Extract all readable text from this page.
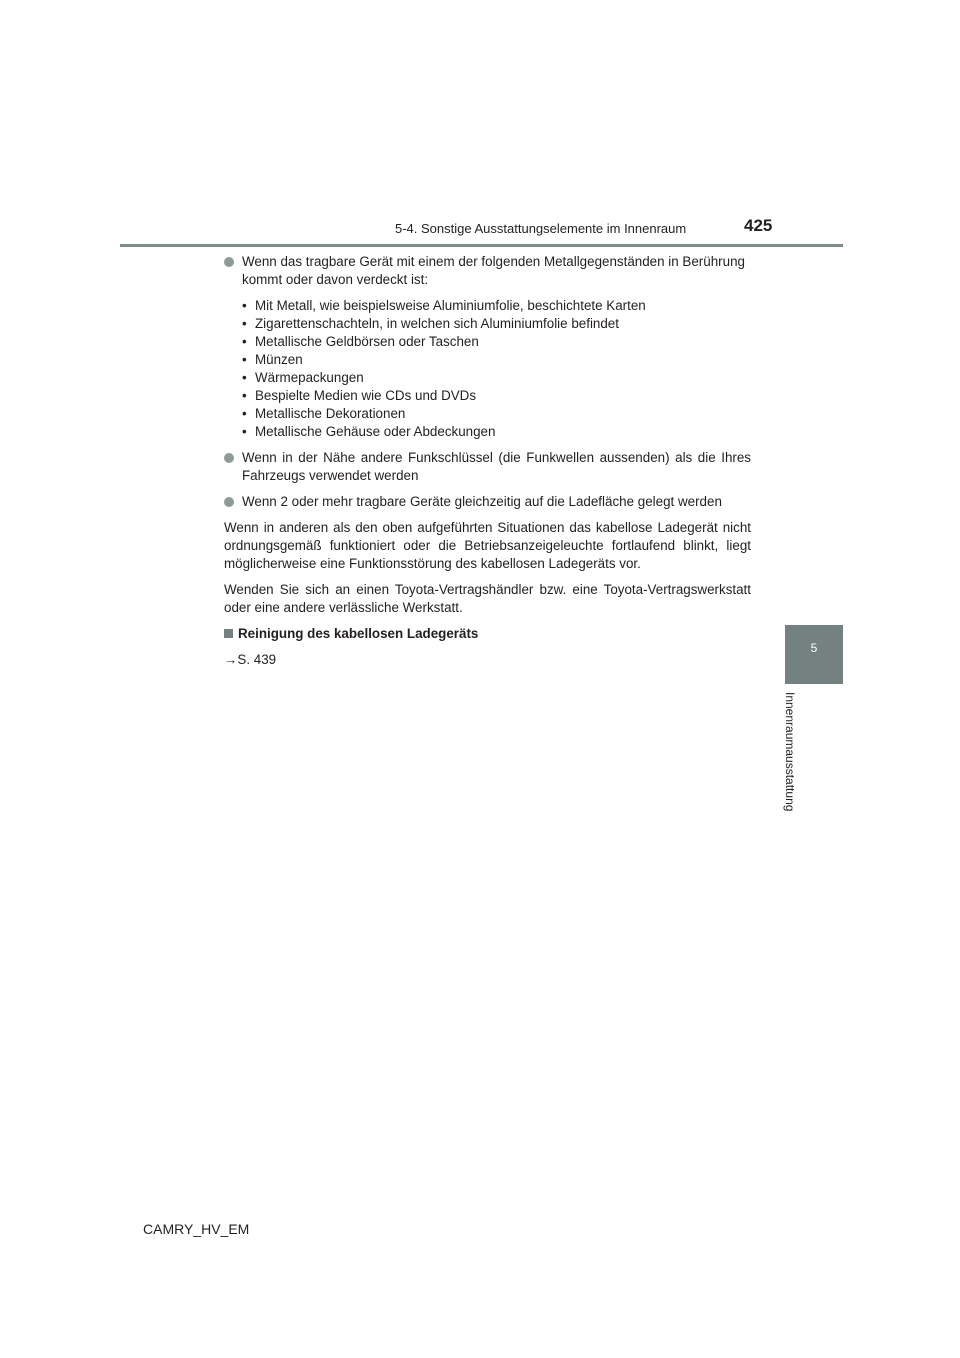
5-4. Sonstige Ausstattungselemente im Innenraum	425
5
Innenraumausstattung
Wenn das tragbare Gerät mit einem der folgenden Metallgegenständen in Berührung kommt oder davon verdeckt ist:
• Mit Metall, wie beispielsweise Aluminiumfolie, beschichtete Karten
• Zigarettenschachteln, in welchen sich Aluminiumfolie befindet
• Metallische Geldbörsen oder Taschen
• Münzen
• Wärmepackungen
• Bespielte Medien wie CDs und DVDs
• Metallische Dekorationen
• Metallische Gehäuse oder Abdeckungen
Wenn in der Nähe andere Funkschlüssel (die Funkwellen aussenden) als die Ihres Fahrzeugs verwendet werden
Wenn 2 oder mehr tragbare Geräte gleichzeitig auf die Ladefläche gelegt werden

Wenn in anderen als den oben aufgeführten Situationen das kabellose Ladegerät nicht ordnungsgemäß funktioniert oder die Betriebsanzeigeleuchte fortlaufend blinkt, liegt möglicherweise eine Funktionsstörung des kabellosen Ladegeräts vor.

Wenden Sie sich an einen Toyota-Vertragshändler bzw. eine Toyota-Vertragswerkstatt oder eine andere verlässliche Werkstatt.

Reinigung des kabellosen Ladegeräts
→S. 439
CAMRY_HV_EM
